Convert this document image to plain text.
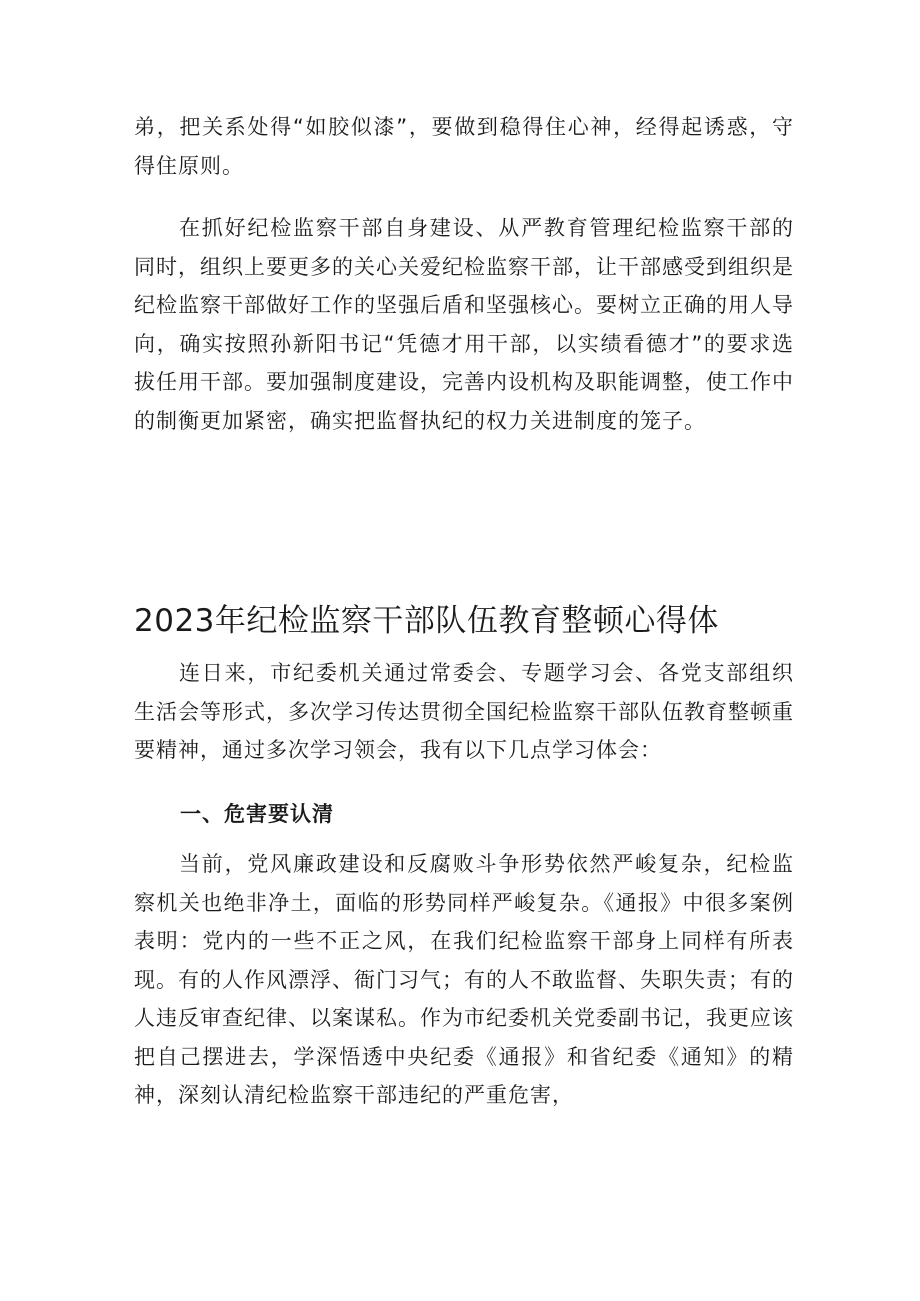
弟，把关系处得“如胶似漆”，要做到稳得住心神，经得起诱惑，守得住原则。

在抓好纪检监察干部自身建设、从严教育管理纪检监察干部的同时，组织上要更多的关心关爱纪检监察干部，让干部感受到组织是纪检监察干部做好工作的坚强后盾和坚强核心。要树立正确的用人导向，确实按照孙新阳书记“凭德才用干部，以实绩看德才”的要求选拔任用干部。要加强制度建设，完善内设机构及职能调整，使工作中的制衡更加紧密，确实把监督执纪的权力关进制度的笼子。

2023年纪检监察干部队伍教育整顿心得体

连日来，市纪委机关通过常委会、专题学习会、各党支部组织生活会等形式，多次学习传达贯彻全国纪检监察干部队伍教育整顿重要精神，通过多次学习领会，我有以下几点学习体会：

一、危害要认清

当前，党风廉政建设和反腐败斗争形势依然严峻复杂，纪检监察机关也绝非净土，面临的形势同样严峻复杂。《通报》中很多案例表明：党内的一些不正之风，在我们纪检监察干部身上同样有所表现。有的人作风漂浮、衙门习气；有的人不敢监督、失职失责；有的人违反审查纪律、以案谋私。作为市纪委机关党委副书记，我更应该把自己摆进去，学深悟透中央纪委《通报》和省纪委《通知》的精神，深刻认清纪检监察干部违纪的严重危害，
